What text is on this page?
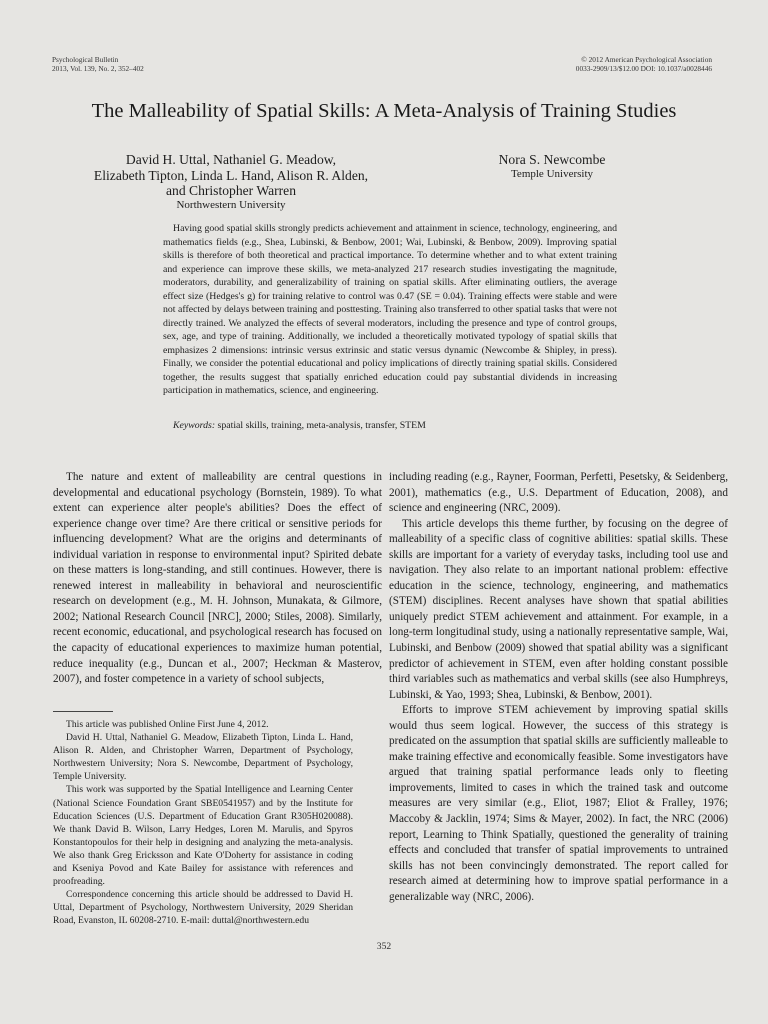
Psychological Bulletin
2013, Vol. 139, No. 2, 352–402
© 2012 American Psychological Association
0033-2909/13/$12.00 DOI: 10.1037/a0028446
The Malleability of Spatial Skills: A Meta-Analysis of Training Studies
David H. Uttal, Nathaniel G. Meadow,
Elizabeth Tipton, Linda L. Hand, Alison R. Alden,
and Christopher Warren
Northwestern University
Nora S. Newcombe
Temple University
Having good spatial skills strongly predicts achievement and attainment in science, technology, engineering, and mathematics fields (e.g., Shea, Lubinski, & Benbow, 2001; Wai, Lubinski, & Benbow, 2009). Improving spatial skills is therefore of both theoretical and practical importance. To determine whether and to what extent training and experience can improve these skills, we meta-analyzed 217 research studies investigating the magnitude, moderators, durability, and generalizability of training on spatial skills. After eliminating outliers, the average effect size (Hedges's g) for training relative to control was 0.47 (SE = 0.04). Training effects were stable and were not affected by delays between training and posttesting. Training also transferred to other spatial tasks that were not directly trained. We analyzed the effects of several moderators, including the presence and type of control groups, sex, age, and type of training. Additionally, we included a theoretically motivated typology of spatial skills that emphasizes 2 dimensions: intrinsic versus extrinsic and static versus dynamic (Newcombe & Shipley, in press). Finally, we consider the potential educational and policy implications of directly training spatial skills. Considered together, the results suggest that spatially enriched education could pay substantial dividends in increasing participation in mathematics, science, and engineering.
Keywords: spatial skills, training, meta-analysis, transfer, STEM

The nature and extent of malleability are central questions in developmental and educational psychology (Bornstein, 1989). To what extent can experience alter people's abilities? Does the effect of experience change over time? Are there critical or sensitive periods for influencing development? What are the origins and determinants of individual variation in response to environmental input? Spirited debate on these matters is long-standing, and still continues. However, there is renewed interest in malleability in behavioral and neuroscientific research on development (e.g., M. H. Johnson, Munakata, & Gilmore, 2002; National Research Council [NRC], 2000; Stiles, 2008). Similarly, recent economic, educational, and psychological research has focused on the capacity of educational experiences to maximize human potential, reduce inequality (e.g., Duncan et al., 2007; Heckman & Masterov, 2007), and foster competence in a variety of school subjects,

This article was published Online First June 4, 2012.

David H. Uttal, Nathaniel G. Meadow, Elizabeth Tipton, Linda L. Hand, Alison R. Alden, and Christopher Warren, Department of Psychology, Northwestern University; Nora S. Newcombe, Department of Psychology, Temple University.

This work was supported by the Spatial Intelligence and Learning Center (National Science Foundation Grant SBE0541957) and by the Institute for Education Sciences (U.S. Department of Education Grant R305H020088). We thank David B. Wilson, Larry Hedges, Loren M. Marulis, and Spyros Konstantopoulos for their help in designing and analyzing the meta-analysis. We also thank Greg Ericksson and Kate O'Doherty for assistance in coding and Kseniya Povod and Kate Bailey for assistance with references and proofreading.

Correspondence concerning this article should be addressed to David H. Uttal, Department of Psychology, Northwestern University, 2029 Sheridan Road, Evanston, IL 60208-2710. E-mail: duttal@northwestern.edu

including reading (e.g., Rayner, Foorman, Perfetti, Pesetsky, & Seidenberg, 2001), mathematics (e.g., U.S. Department of Education, 2008), and science and engineering (NRC, 2009).

This article develops this theme further, by focusing on the degree of malleability of a specific class of cognitive abilities: spatial skills. These skills are important for a variety of everyday tasks, including tool use and navigation. They also relate to an important national problem: effective education in the science, technology, engineering, and mathematics (STEM) disciplines. Recent analyses have shown that spatial abilities uniquely predict STEM achievement and attainment. For example, in a long-term longitudinal study, using a nationally representative sample, Wai, Lubinski, and Benbow (2009) showed that spatial ability was a significant predictor of achievement in STEM, even after holding constant possible third variables such as mathematics and verbal skills (see also Humphreys, Lubinski, & Yao, 1993; Shea, Lubinski, & Benbow, 2001).

Efforts to improve STEM achievement by improving spatial skills would thus seem logical. However, the success of this strategy is predicated on the assumption that spatial skills are sufficiently malleable to make training effective and economically feasible. Some investigators have argued that training spatial performance leads only to fleeting improvements, limited to cases in which the trained task and outcome measures are very similar (e.g., Eliot, 1987; Eliot & Fralley, 1976; Maccoby & Jacklin, 1974; Sims & Mayer, 2002). In fact, the NRC (2006) report, Learning to Think Spatially, questioned the generality of training effects and concluded that transfer of spatial improvements to untrained skills has not been convincingly demonstrated. The report called for research aimed at determining how to improve spatial performance in a generalizable way (NRC, 2006).

352
